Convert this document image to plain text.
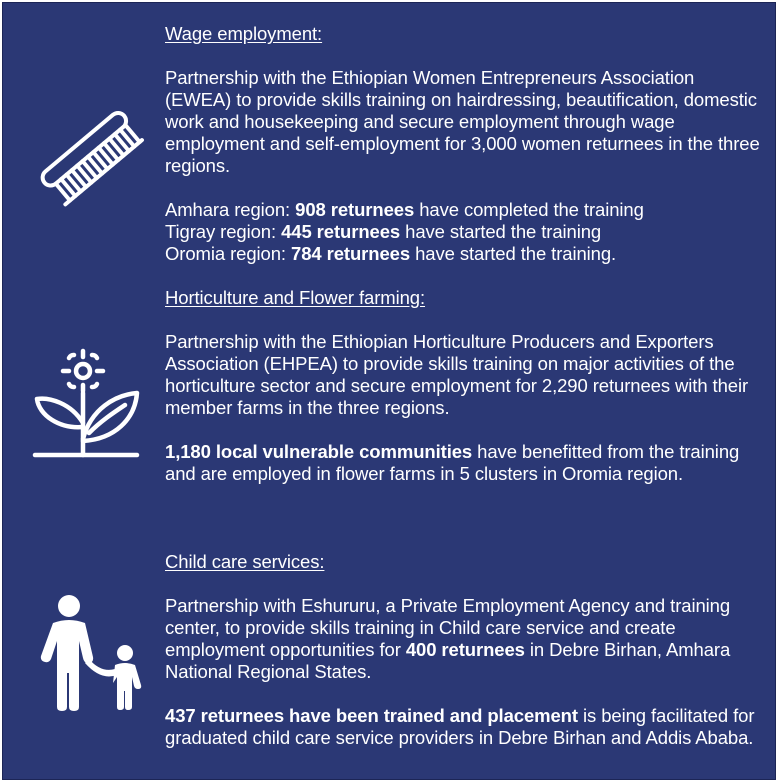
Wage employment:

Partnership with the Ethiopian Women Entrepreneurs Association (EWEA) to provide skills training on hairdressing, beautification, domestic work and housekeeping and secure employment through wage employment and self-employment for 3,000 women returnees in the three regions.

Amhara region: 908 returnees have completed the training

Tigray region: 445 returnees have started the training

Oromia region: 784 returnees have started the training.

Horticulture and Flower farming:

Partnership with the Ethiopian Horticulture Producers and Exporters Association (EHPEA) to provide skills training on major activities of the horticulture sector and secure employment for 2,290 returnees with their member farms in the three regions.

1,180 local vulnerable communities have benefitted from the training and are employed in flower farms in 5 clusters in Oromia region.

Child care services:

Partnership with Eshururu, a Private Employment Agency and training center, to provide skills training in Child care service and create employment opportunities for 400 returnees in Debre Birhan, Amhara National Regional States.

437 returnees have been trained and placement is being facilitated for graduated child care service providers in Debre Birhan and Addis Ababa.
